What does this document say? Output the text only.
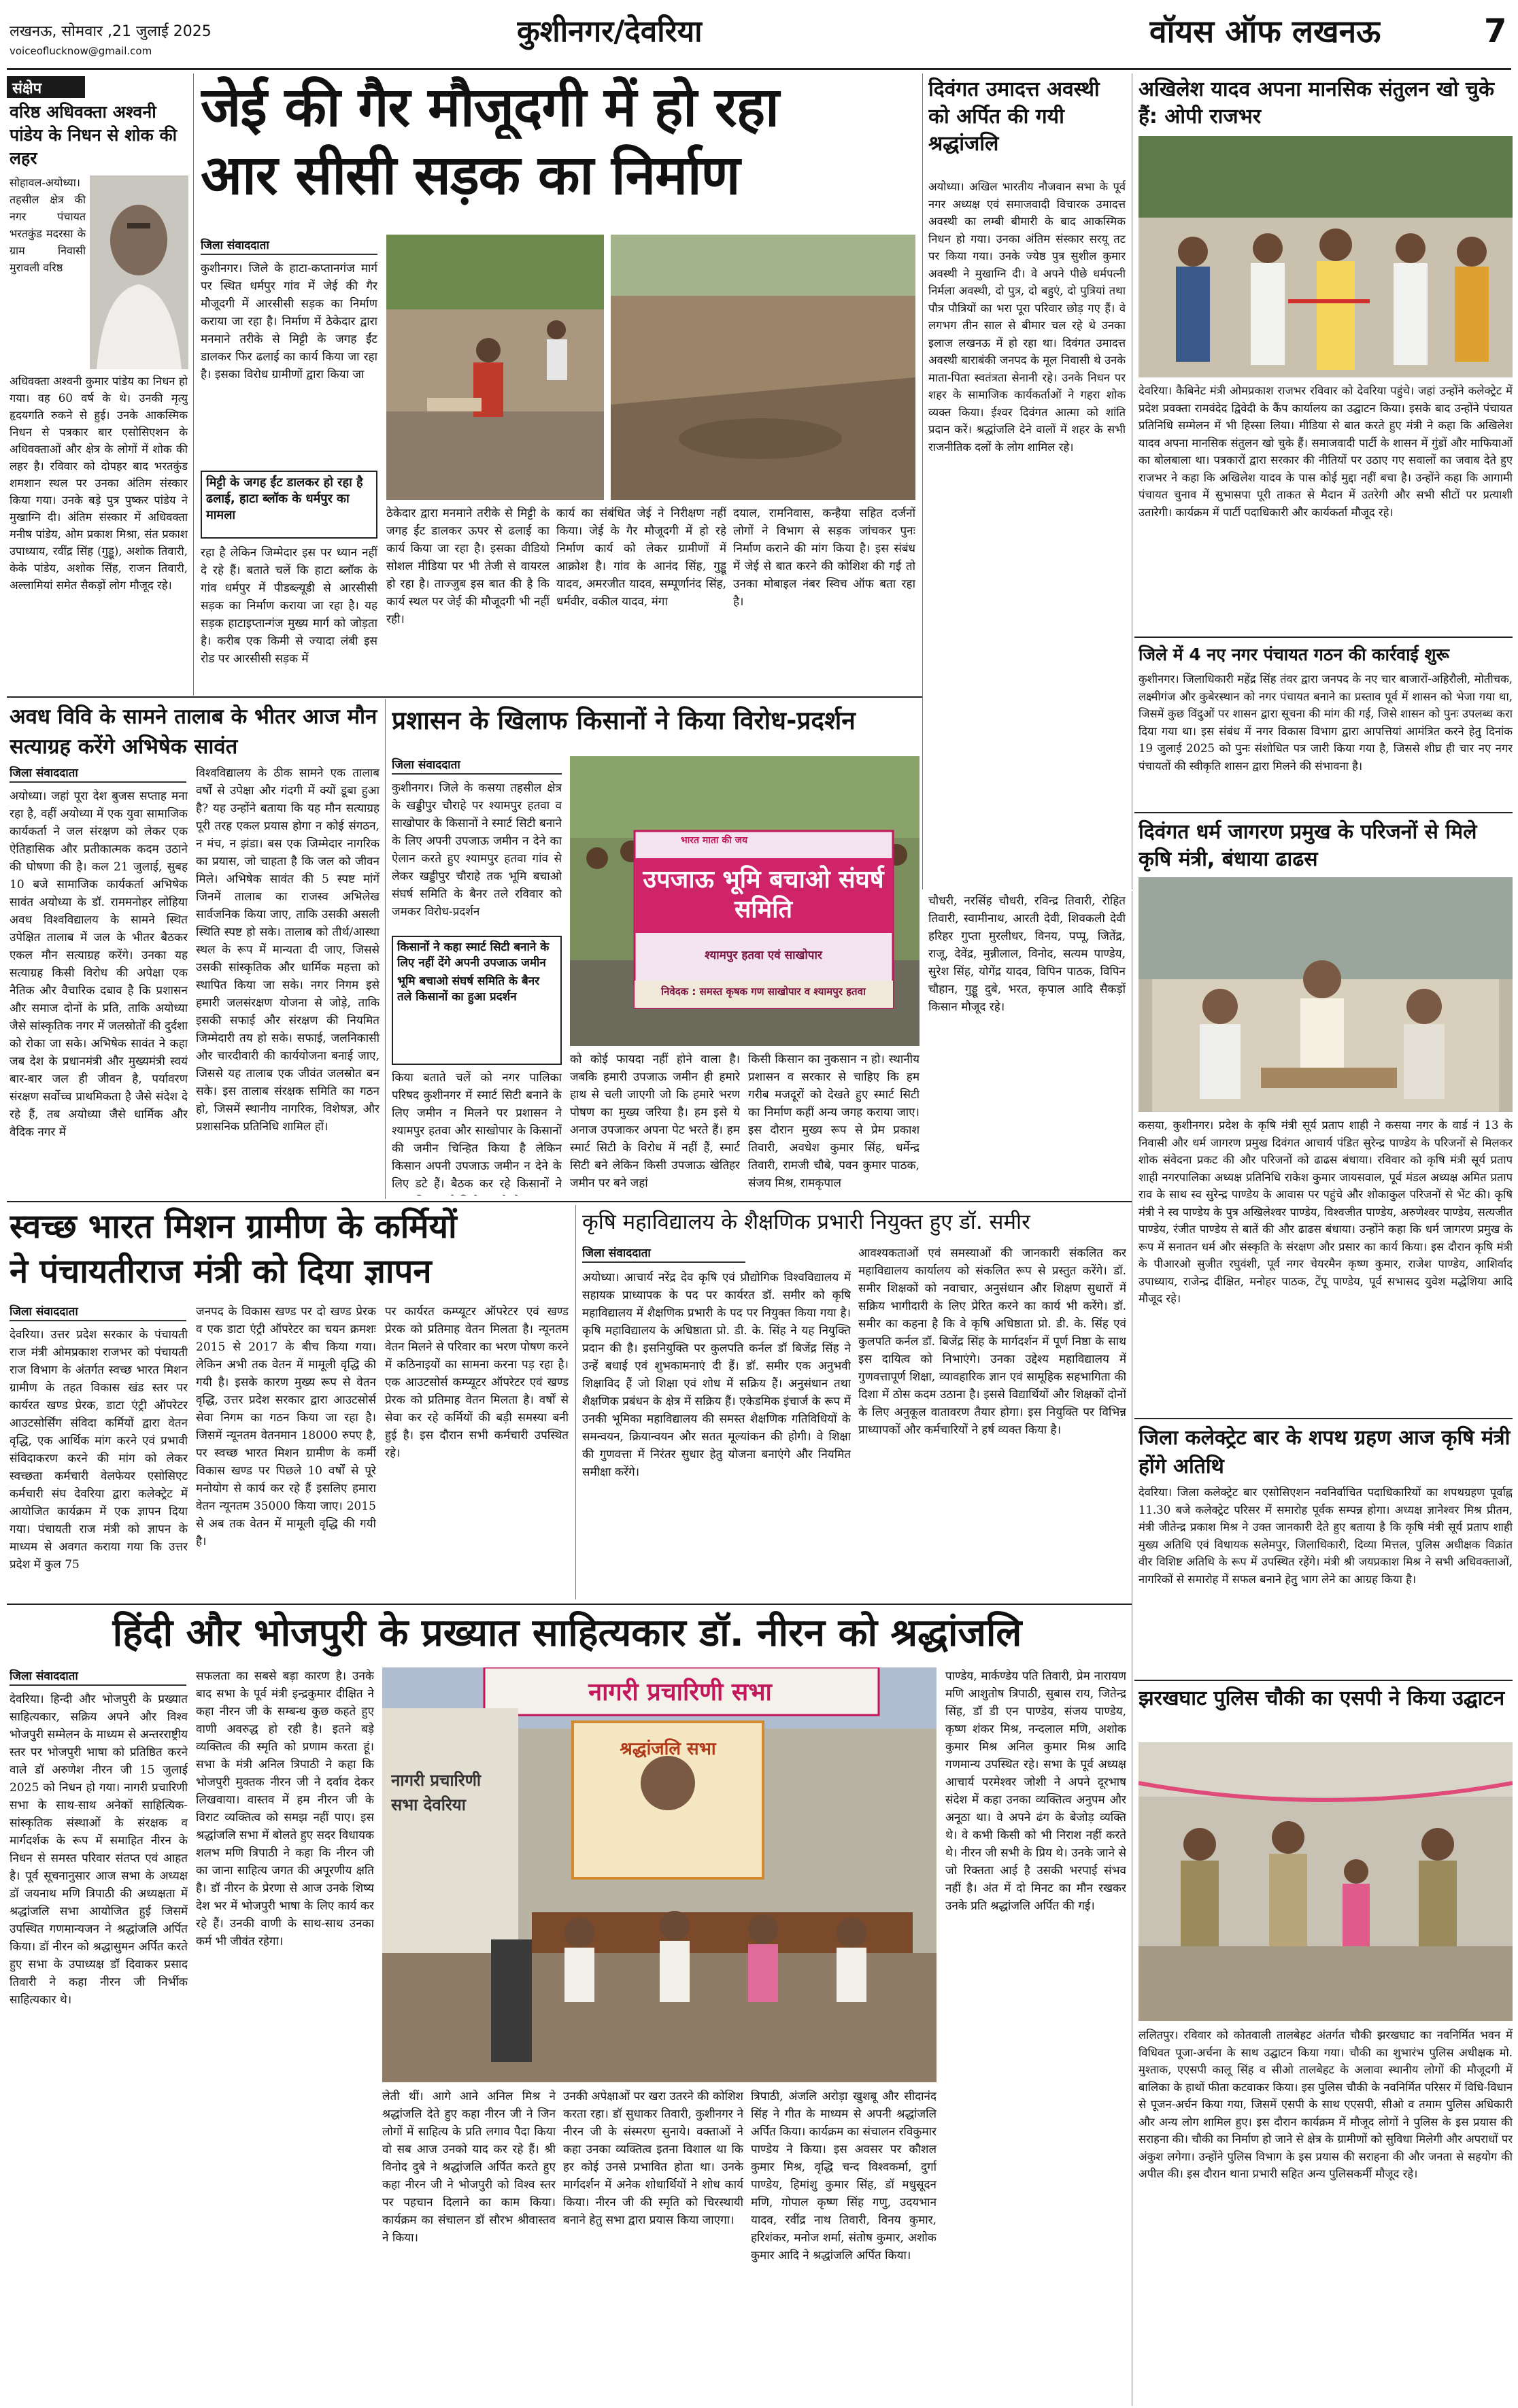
लखनऊ, सोमवार ,21 जुलाई 2025
voiceoflucknow@gmail.com
कुशीनगर/देवरिया	वॉयस ऑफ लखनऊ	7
संक्षेप
वरिष्ठ अधिवक्ता अश्वनी पांडेय के निधन से शोक की लहर
सोहावल-अयोध्या। तहसील क्षेत्र की नगर पंचायत भरतकुंड मदरसा के ग्राम निवासी मुरावली वरिष्ठ
अधिवक्ता अश्वनी कुमार पांडेय का निधन हो गया। वह 60 वर्ष के थे। उनकी मृत्यु हृदयगति रुकने से हुई। उनके आकस्मिक निधन से पत्रकार बार एसोसिएशन के अधिवक्ताओं और क्षेत्र के लोगों में शोक की लहर है। रविवार को दोपहर बाद भरतकुंड शमशान स्थल पर उनका अंतिम संस्कार किया गया। उनके बड़े पुत्र पुष्कर पांडेय ने मुखाग्नि दी। अंतिम संस्कार में अधिवक्ता मनीष पांडेय, ओम प्रकाश मिश्रा, संत प्रकाश उपाध्याय, रवींद्र सिंह (गुड्डू), अशोक तिवारी, केके पांडेय, अशोक सिंह, राजन तिवारी, अल्लामियां समेत सैकड़ों लोग मौजूद रहे।
जेई की गैर मौजूदगी में हो रहा
आर सीसी सड़क का निर्माण
जिला संवाददाता
कुशीनगर। जिले के हाटा-कप्तानगंज मार्ग पर स्थित धर्मपुर गांव में जेई की गैर मौजूदगी में आरसीसी सड़क का निर्माण कराया जा रहा है। निर्माण में ठेकेदार द्वारा मनमाने तरीके से मिट्टी के जगह ईंट डालकर फिर ढलाई का कार्य किया जा रहा है। इसका विरोध ग्रामीणों द्वारा किया जा
मिट्टी के जगह ईंट डालकर हो रहा है ढलाई, हाटा ब्लॉक के धर्मपुर का मामला
रहा है लेकिन जिम्मेदार इस पर ध्यान नहीं दे रहे हैं। बताते चलें कि हाटा ब्लॉक के गांव धर्मपुर में पीडब्ल्यूडी से आरसीसी सड़क का निर्माण कराया जा रहा है। यह सड़क हाटाइप्तान्गंज मुख्य मार्ग को जोड़ता है। करीब एक किमी से ज्यादा लंबी इस रोड पर आरसीसी सड़क में
ठेकेदार द्वारा मनमाने तरीके से मिट्टी के जगह ईंट डालकर ऊपर से ढलाई का कार्य किया जा रहा है। इसका वीडियो सोशल मीडिया पर भी तेजी से वायरल हो रहा है। ताज्जुब इस बात की है कि कार्य स्थल पर जेई की मौजूदगी भी नहीं रही।
कार्य का संबंधित जेई ने निरीक्षण नहीं किया। जेई के गैर मौजूदगी में हो रहे निर्माण कार्य को लेकर ग्रामीणों में आक्रोश है। गांव के आनंद सिंह, गुड्डू यादव, अमरजीत यादव, सम्पूर्णानंद सिंह, धर्मवीर, वकील यादव, मंगा
दयाल, रामनिवास, कन्हैया सहित दर्जनों लोगों ने विभाग से सड़क जांचकर पुनः निर्माण कराने की मांग किया है। इस संबंध में जेई से बात करने की कोशिश की गई तो उनका मोबाइल नंबर स्विच ऑफ बता रहा है।
दिवंगत उमादत्त अवस्थी को अर्पित की गयी श्रद्धांजलि
अयोध्या। अखिल भारतीय नौजवान सभा के पूर्व नगर अध्यक्ष एवं समाजवादी विचारक उमादत्त अवस्थी का लम्बी बीमारी के बाद आकस्मिक निधन हो गया। उनका अंतिम संस्कार सरयू तट पर किया गया। उनके ज्येष्ठ पुत्र सुशील कुमार अवस्थी ने मुखाग्नि दी। वे अपने पीछे धर्मपत्नी निर्मला अवस्थी, दो पुत्र, दो बहुएं, दो पुत्रियां तथा पौत्र पौत्रियों का भरा पूरा परिवार छोड़ गए हैं। वे लगभग तीन साल से बीमार चल रहे थे उनका इलाज लखनऊ में हो रहा था। दिवंगत उमादत्त अवस्थी बाराबंकी जनपद के मूल निवासी थे उनके माता-पिता स्वतंत्रता सेनानी रहे। उनके निधन पर शहर के सामाजिक कार्यकर्ताओं ने गहरा शोक व्यक्त किया। ईश्वर दिवंगत आत्मा को शांति प्रदान करें। श्रद्धांजलि देने वालों में शहर के सभी राजनीतिक दलों के लोग शामिल रहे।
अखिलेश यादव अपना मानसिक संतुलन खो चुके हैं: ओपी राजभर
देवरिया। कैबिनेट मंत्री ओमप्रकाश राजभर रविवार को देवरिया पहुंचे। जहां उन्होंने कलेक्ट्रेट में प्रदेश प्रवक्ता रामवंदेद द्विवेदी के कैंप कार्यालय का उद्घाटन किया। इसके बाद उन्होंने पंचायत प्रतिनिधि सम्मेलन में भी हिस्सा लिया। मीडिया से बात करते हुए मंत्री ने कहा कि अखिलेश यादव अपना मानसिक संतुलन खो चुके हैं। समाजवादी पार्टी के शासन में गुंडों और माफियाओं का बोलबाला था। पत्रकारों द्वारा सरकार की नीतियों पर उठाए गए सवालों का जवाब देते हुए राजभर ने कहा कि अखिलेश यादव के पास कोई मुद्दा नहीं बचा है। उन्होंने कहा कि आगामी पंचायत चुनाव में सुभासपा पूरी ताकत से मैदान में उतरेगी और सभी सीटों पर प्रत्याशी उतारेगी। कार्यक्रम में पार्टी पदाधिकारी और कार्यकर्ता मौजूद रहे।
जिले में 4 नए नगर पंचायत गठन की कार्रवाई शुरू
कुशीनगर। जिलाधिकारी महेंद्र सिंह तंवर द्वारा जनपद के नए चार बाजारों-अहिरौली, मोतीचक, लक्ष्मीगंज और कुबेरस्थान को नगर पंचायत बनाने का प्रस्ताव पूर्व में शासन को भेजा गया था, जिसमें कुछ विंदुओं पर शासन द्वारा सूचना की मांग की गई, जिसे शासन को पुनः उपलब्ध करा दिया गया था। इस संबंध में नगर विकास विभाग द्वारा आपत्तियां आमंत्रित करने हेतु दिनांक 19 जुलाई 2025 को पुनः संशोधित पत्र जारी किया गया है, जिससे शीघ्र ही चार नए नगर पंचायतों की स्वीकृति शासन द्वारा मिलने की संभावना है।
दिवंगत धर्म जागरण प्रमुख के परिजनों से मिले कृषि मंत्री, बंधाया ढाढस
कसया, कुशीनगर। प्रदेश के कृषि मंत्री सूर्य प्रताप शाही ने कसया नगर के वार्ड नं 13 के निवासी और धर्म जागरण प्रमुख दिवंगत आचार्य पंडित सुरेन्द्र पाण्डेय के परिजनों से मिलकर शोक संवेदना प्रकट की और परिजनों को ढाढस बंधाया। रविवार को कृषि मंत्री सूर्य प्रताप शाही नगरपालिका अध्यक्ष प्रतिनिधि राकेश कुमार जायसवाल, पूर्व मंडल अध्यक्ष अमित प्रताप राव के साथ स्व सुरेन्द्र पाण्डेय के आवास पर पहुंचे और शोकाकुल परिजनों से भेंट की। कृषि मंत्री ने स्व पाण्डेय के पुत्र अखिलेश्वर पाण्डेय, विश्वजीत पाण्डेय, अरुणेश्वर पाण्डेय, सत्यजीत पाण्डेय, रंजीत पाण्डेय से बातें की और ढाढस बंधाया। उन्होंने कहा कि धर्म जागरण प्रमुख के रूप में सनातन धर्म और संस्कृति के संरक्षण और प्रसार का कार्य किया। इस दौरान कृषि मंत्री के पीआरओ सुजीत रघुवंशी, पूर्व नगर चेयरमैन कृष्ण कुमार, राजेश पाण्डेय, आशिर्वाद उपाध्याय, राजेन्द्र दीक्षित, मनोहर पाठक, टेंपू पाण्डेय, पूर्व सभासद युवेश मद्धेशिया आदि मौजूद रहे।
जिला कलेक्ट्रेट बार के शपथ ग्रहण आज कृषि मंत्री होंगे अतिथि
देवरिया। जिला कलेक्ट्रेट बार एसोसिएशन नवनिर्वाचित पदाधिकारियों का शपथग्रहण पूर्वाह्न 11.30 बजे कलेक्ट्रेट परिसर में समारोह पूर्वक सम्पन्न होगा। अध्यक्ष ज्ञानेश्वर मिश्र प्रीतम, मंत्री जीतेन्द्र प्रकाश मिश्र ने उक्त जानकारी देते हुए बताया है कि कृषि मंत्री सूर्य प्रताप शाही मुख्य अतिथि एवं विधायक सलेमपुर, जिलाधिकारी, दिव्या मित्तल, पुलिस अधीक्षक विक्रांत वीर विशिष्ट अतिथि के रूप में उपस्थित रहेंगे। मंत्री श्री जयप्रकाश मिश्र ने सभी अधिवक्ताओं, नागरिकों से समारोह में सफल बनाने हेतु भाग लेने का आग्रह किया है।
झरखघाट पुलिस चौकी का एसपी ने किया उद्घाटन
ललितपुर। रविवार को कोतवाली तालबेहट अंतर्गत चौकी झरखघाट का नवनिर्मित भवन में विधिवत पूजा-अर्चना के साथ उद्घाटन किया गया। चौकी का शुभारंभ पुलिस अधीक्षक मो. मुश्ताक, एएसपी कालू सिंह व सीओ तालबेहट के अलावा स्थानीय लोगों की मौजूदगी में बालिका के हाथों फीता कटवाकर किया। इस पुलिस चौकी के नवनिर्मित परिसर में विधि-विधान से पूजन-अर्चन किया गया, जिसमें एसपी के साथ एएसपी, सीओ व तमाम पुलिस अधिकारी और अन्य लोग शामिल हुए। इस दौरान कार्यक्रम में मौजूद लोगों ने पुलिस के इस प्रयास की सराहना की। चौकी का निर्माण हो जाने से क्षेत्र के ग्रामीणों को सुविधा मिलेगी और अपराधों पर अंकुश लगेगा। उन्होंने पुलिस विभाग के इस प्रयास की सराहना की और जनता से सहयोग की अपील की। इस दौरान थाना प्रभारी सहित अन्य पुलिसकर्मी मौजूद रहे।
अवध विवि के सामने तालाब के भीतर आज मौन सत्याग्रह करेंगे अभिषेक सावंत
जिला संवाददाता
अयोध्या। जहां पूरा देश बुजस सप्ताह मना रहा है, वहीं अयोध्या में एक युवा सामाजिक कार्यकर्ता ने जल संरक्षण को लेकर एक ऐतिहासिक और प्रतीकात्मक कदम उठाने की घोषणा की है। कल 21 जुलाई, सुबह 10 बजे सामाजिक कार्यकर्ता अभिषेक सावंत अयोध्या के डॉ. राममनोहर लोहिया अवध विश्वविद्यालय के सामने स्थित उपेक्षित तालाब में जल के भीतर बैठकर एकल मौन सत्याग्रह करेंगे। उनका यह सत्याग्रह किसी विरोध की अपेक्षा एक नैतिक और वैचारिक दबाव है कि प्रशासन और समाज दोनों के प्रति, ताकि अयोध्या जैसे सांस्कृतिक नगर में जलस्रोतों की दुर्दशा को रोका जा सके। अभिषेक सावंत ने कहा जब देश के प्रधानमंत्री और मुख्यमंत्री स्वयं बार-बार जल ही जीवन है, पर्यावरण संरक्षण सर्वोच्च प्राथमिकता है जैसे संदेश दे रहे हैं, तब अयोध्या जैसे धार्मिक और वैदिक नगर में
विश्वविद्यालय के ठीक सामने एक तालाब वर्षों से उपेक्षा और गंदगी में क्यों डूबा हुआ है? यह उन्होंने बताया कि यह मौन सत्याग्रह पूरी तरह एकल प्रयास होगा न कोई संगठन, न मंच, न झंडा। बस एक जिम्मेदार नागरिक का प्रयास, जो चाहता है कि जल को जीवन मिले। अभिषेक सावंत की 5 स्पष्ट मांगें जिनमें तालाब का राजस्व अभिलेख सार्वजनिक किया जाए, ताकि उसकी असली स्थिति स्पष्ट हो सके। तालाब को तीर्थ/आस्था स्थल के रूप में मान्यता दी जाए, जिससे उसकी सांस्कृतिक और धार्मिक महत्ता को स्थापित किया जा सके। नगर निगम इसे हमारी जलसंरक्षण योजना से जोड़े, ताकि इसकी सफाई और संरक्षण की नियमित जिम्मेदारी तय हो सके। सफाई, जलनिकासी और चारदीवारी की कार्ययोजना बनाई जाए, जिससे यह तालाब एक जीवंत जलस्रोत बन सके। इस तालाब संरक्षक समिति का गठन हो, जिसमें स्थानीय नागरिक, विशेषज्ञ, और प्रशासनिक प्रतिनिधि शामिल हों।
प्रशासन के खिलाफ किसानों ने किया विरोध-प्रदर्शन
जिला संवाददाता
कुशीनगर। जिले के कसया तहसील क्षेत्र के खड्डीपुर चौराहे पर श्यामपुर हतवा व साखोपार के किसानों ने स्मार्ट सिटी बनाने के लिए अपनी उपजाऊ जमीन न देने का ऐलान करते हुए श्यामपुर हतवा गांव से लेकर खड्डीपुर चौराहे तक भूमि बचाओ संघर्ष समिति के बैनर तले रविवार को जमकर विरोध-प्रदर्शन
किसानों ने कहा स्मार्ट सिटी बनाने के लिए नहीं देंगे अपनी उपजाऊ जमीन
भूमि बचाओ संघर्ष समिति के बैनर तले किसानों का हुआ प्रदर्शन
किया बताते चलें को नगर पालिका परिषद कुशीनगर में स्मार्ट सिटी बनाने के लिए जमीन न मिलने पर प्रशासन ने श्यामपुर हतवा और साखोपार के किसानों की जमीन चिन्हित किया है लेकिन किसान अपनी उपजाऊ जमीन न देने के लिए डटे हैं। बैठक कर रहे किसानों ने
भारत माता की जय
उपजाऊ भूमि बचाओ संघर्ष समिति
श्यामपुर हतवा एवं साखोपार
निवेदक : समस्त कृषक गण साखोपार व श्यामपुर हतवा
को कोई फायदा नहीं होने वाला है। जबकि हमारी उपजाऊ जमीन ही हमारे हाथ से चली जाएगी जो कि हमारे भरण पोषण का मुख्य जरिया है। हम इसे ये अनाज उपजाकर अपना पेट भरते हैं। हम स्मार्ट सिटी के विरोध में नहीं हैं, स्मार्ट सिटी बने लेकिन किसी उपजाऊ खेतिहर जमीन पर बने जहां
किसी किसान का नुकसान न हो। स्थानीय प्रशासन व सरकार से चाहिए कि हम गरीब मजदूरों को देखते हुए स्मार्ट सिटी का निर्माण कहीं अन्य जगह कराया जाए। इस दौरान मुख्य रूप से प्रेम प्रकाश तिवारी, अवधेश कुमार सिंह, धर्मेन्द्र तिवारी, रामजी चौबे, पवन कुमार पाठक, संजय मिश्र, रामकृपाल
चौधरी, नरसिंह चौधरी, रविन्द्र तिवारी, रोहित तिवारी, स्वामीनाथ, आरती देवी, शिवकली देवी हरिहर गुप्ता मुरलीधर, विनय, पप्पू, जितेंद्र, राजू, देवेंद्र, मुन्नीलाल, विनोद, सत्यम पाण्डेय, सुरेश सिंह, योगेंद्र यादव, विपिन पाठक, विपिन चौहान, गुड्डू दुबे, भरत, कृपाल आदि सैकड़ों किसान मौजूद रहे।
स्वच्छ भारत मिशन ग्रामीण के कर्मियों
ने पंचायतीराज मंत्री को दिया ज्ञापन
जिला संवाददाता
देवरिया। उत्तर प्रदेश सरकार के पंचायती राज मंत्री ओमप्रकाश राजभर को पंचायती राज विभाग के अंतर्गत स्वच्छ भारत मिशन ग्रामीण के तहत विकास खंड स्तर पर कार्यरत खण्ड प्रेरक, डाटा एंट्री ऑपरेटर आउटसोर्सिंग संविदा कर्मियों द्वारा वेतन वृद्धि, एक आर्थिक मांग करने एवं प्रभावी संविदाकरण करने की मांग को लेकर स्वच्छता कर्मचारी वेलफेयर एसोसिएट कर्मचारी संघ देवरिया द्वारा कलेक्ट्रेट में आयोजित कार्यक्रम में एक ज्ञापन दिया गया। पंचायती राज मंत्री को ज्ञापन के माध्यम से अवगत कराया गया कि उत्तर प्रदेश में कुल 75
जनपद के विकास खण्ड पर दो खण्ड प्रेरक व एक डाटा एंट्री ऑपरेटर का चयन क्रमशः 2015 से 2017 के बीच किया गया। लेकिन अभी तक वेतन में मामूली वृद्धि की गयी है। इसके कारण मुख्य रूप से वेतन वृद्धि, उत्तर प्रदेश सरकार द्वारा आउटसोर्स सेवा निगम का गठन किया जा रहा है। जिसमें न्यूनतम वेतनमान 18000 रुपए है, पर स्वच्छ भारत मिशन ग्रामीण के कर्मी विकास खण्ड पर पिछले 10 वर्षों से पूरे मनोयोग से कार्य कर रहे हैं इसलिए हमारा वेतन न्यूनतम 35000 किया जाए। 2015 से अब तक वेतन में मामूली वृद्धि की गयी है।
पर कार्यरत कम्प्यूटर ऑपरेटर एवं खण्ड प्रेरक को प्रतिमाह वेतन मिलता है। न्यूनतम वेतन मिलने से परिवार का भरण पोषण करने में कठिनाइयों का सामना करना पड़ रहा है। एक आउटसोर्स कम्प्यूटर ऑपरेटर एवं खण्ड प्रेरक को प्रतिमाह वेतन मिलता है। वर्षों से सेवा कर रहे कर्मियों की बड़ी समस्या बनी हुई है। इस दौरान सभी कर्मचारी उपस्थित रहे।
कृषि महाविद्यालय के शैक्षणिक प्रभारी नियुक्त हुए डॉ. समीर
जिला संवाददाता
अयोध्या। आचार्य नरेंद्र देव कृषि एवं प्रौद्योगिक विश्वविद्यालय में सहायक प्राध्यापक के पद पर कार्यरत डॉ. समीर को कृषि महाविद्यालय में शैक्षणिक प्रभारी के पद पर नियुक्त किया गया है। कृषि महाविद्यालय के अधिष्ठाता प्रो. डी. के. सिंह ने यह नियुक्ति प्रदान की है। इसनियुक्ति पर कुलपति कर्नल डॉ बिजेंद्र सिंह ने उन्हें बधाई एवं शुभकामनाएं दी हैं। डॉ. समीर एक अनुभवी शिक्षाविद हैं जो शिक्षा एवं शोध में सक्रिय हैं। अनुसंधान तथा शैक्षणिक प्रबंधन के क्षेत्र में सक्रिय हैं। एकेडमिक इंचार्ज के रूप में उनकी भूमिका महाविद्यालय की समस्त शैक्षणिक गतिविधियों के समन्वयन, क्रियान्वयन और सतत मूल्यांकन की होगी। वे शिक्षा की गुणवत्ता में निरंतर सुधार हेतु योजना बनाएंगे और नियमित समीक्षा करेंगे।
आवश्यकताओं एवं समस्याओं की जानकारी संकलित कर महाविद्यालय कार्यालय को संकलित रूप से प्रस्तुत करेंगे। डॉ. समीर शिक्षकों को नवाचार, अनुसंधान और शिक्षण सुधारों में सक्रिय भागीदारी के लिए प्रेरित करने का कार्य भी करेंगे। डॉ. समीर का कहना है कि वे कृषि अधिष्ठाता प्रो. डी. के. सिंह एवं कुलपति कर्नल डॉ. बिजेंद्र सिंह के मार्गदर्शन में पूर्ण निष्ठा के साथ इस दायित्व को निभाएंगे। उनका उद्देश्य महाविद्यालय में गुणवत्तापूर्ण शिक्षा, व्यावहारिक ज्ञान एवं सामूहिक सहभागिता की दिशा में ठोस कदम उठाना है। इससे विद्यार्थियों और शिक्षकों दोनों के लिए अनुकूल वातावरण तैयार होगा। इस नियुक्ति पर विभिन्न प्राध्यापकों और कर्मचारियों ने हर्ष व्यक्त किया है।
हिंदी और भोजपुरी के प्रख्यात साहित्यकार डॉ. नीरन को श्रद्धांजलि
जिला संवाददाता
देवरिया। हिन्दी और भोजपुरी के प्रख्यात साहित्यकार, सक्रिय अपने और विश्व भोजपुरी सम्मेलन के माध्यम से अन्तरराष्ट्रीय स्तर पर भोजपुरी भाषा को प्रतिष्ठित करने वाले डॉ अरुणेश नीरन जी 15 जुलाई 2025 को निधन हो गया। नागरी प्रचारिणी सभा के साथ-साथ अनेकों साहित्यिक-सांस्कृतिक संस्थाओं के संरक्षक व मार्गदर्शक के रूप में समाहित नीरन के निधन से समस्त परिवार संतप्त एवं आहत है। पूर्व सूचनानुसार आज सभा के अध्यक्ष डॉ जयनाथ मणि त्रिपाठी की अध्यक्षता में श्रद्धांजलि सभा आयोजित हुई जिसमें उपस्थित गणमान्यजन ने श्रद्धांजलि अर्पित किया। डॉ नीरन को श्रद्धासुमन अर्पित करते हुए सभा के उपाध्यक्ष डॉ दिवाकर प्रसाद तिवारी ने कहा नीरन जी निर्भीक साहित्यकार थे।
सफलता का सबसे बड़ा कारण है। उनके बाद सभा के पूर्व मंत्री इन्द्रकुमार दीक्षित ने कहा नीरन जी के सम्बन्ध कुछ कहते हुए वाणी अवरुद्ध हो रही है। इतने बड़े व्यक्तित्व की स्मृति को प्रणाम करता हूं। सभा के मंत्री अनिल त्रिपाठी ने कहा कि भोजपुरी मुक्तक नीरन जी ने दर्वाव देकर लिखवाया। वास्तव में हम नीरन जी के विराट व्यक्तित्व को समझ नहीं पाए। इस श्रद्धांजलि सभा में बोलते हुए सदर विधायक शलभ मणि त्रिपाठी ने कहा कि नीरन जी का जाना साहित्य जगत की अपूरणीय क्षति है। डॉ नीरन के प्रेरणा से आज उनके शिष्य देश भर में भोजपुरी भाषा के लिए कार्य कर रहे हैं। उनकी वाणी के साथ-साथ उनका कर्म भी जीवंत रहेगा।
नागरी प्रचारिणी सभा
श्रद्धांजलि सभा
नागरी प्रचारिणी सभा देवरिया
लेती थीं। आगे आने अनिल मिश्र ने श्रद्धांजलि देते हुए कहा नीरन जी ने जिन लोगों में साहित्य के प्रति लगाव पैदा किया वो सब आज उनको याद कर रहे हैं। श्री विनोद दुबे ने श्रद्धांजलि अर्पित करते हुए कहा नीरन जी ने भोजपुरी को विश्व स्तर पर पहचान दिलाने का काम किया। कार्यक्रम का संचालन डॉ सौरभ श्रीवास्तव ने किया।
उनकी अपेक्षाओं पर खरा उतरने की कोशिश करता रहा। डॉ सुधाकर तिवारी, कुशीनगर ने नीरन जी के संस्मरण सुनाये। वक्ताओं ने कहा उनका व्यक्तित्व इतना विशाल था कि हर कोई उनसे प्रभावित होता था। उनके मार्गदर्शन में अनेक शोधार्थियों ने शोध कार्य किया। नीरन जी की स्मृति को चिरस्थायी बनाने हेतु सभा द्वारा प्रयास किया जाएगा।
त्रिपाठी, अंजलि अरोड़ा खुशबू और सीदानंद सिंह ने गीत के माध्यम से अपनी श्रद्धांजलि अर्पित किया। कार्यक्रम का संचालन रविकुमार पाण्डेय ने किया। इस अवसर पर कौशल कुमार मिश्र, वृद्धि चन्द विश्वकर्मा, दुर्गा पाण्डेय, हिमांशु कुमार सिंह, डॉ मधुसूदन मणि, गोपाल कृष्ण सिंह गणु, उदयभान यादव, रवींद्र नाथ तिवारी, विनय कुमार, हरिशंकर, मनोज शर्मा, संतोष कुमार, अशोक कुमार आदि ने श्रद्धांजलि अर्पित किया।
पाण्डेय, मार्कण्डेय पति तिवारी, प्रेम नारायण मणि आशुतोष त्रिपाठी, सुबास राय, जितेन्द्र सिंह, डॉ डी एन पाण्डेय, संजय पाण्डेय, कृष्ण शंकर मिश्र, नन्दलाल मणि, अशोक कुमार मिश्र अनिल कुमार मिश्र आदि गणमान्य उपस्थित रहे। सभा के पूर्व अध्यक्ष आचार्य परमेश्वर जोशी ने अपने दूरभाष संदेश में कहा उनका व्यक्तित्व अनुपम और अनूठा था। वे अपने ढंग के बेजोड़ व्यक्ति थे। वे कभी किसी को भी निराश नहीं करते थे। नीरन जी सभी के प्रिय थे। उनके जाने से जो रिक्तता आई है उसकी भरपाई संभव नहीं है। अंत में दो मिनट का मौन रखकर उनके प्रति श्रद्धांजलि अर्पित की गई।
